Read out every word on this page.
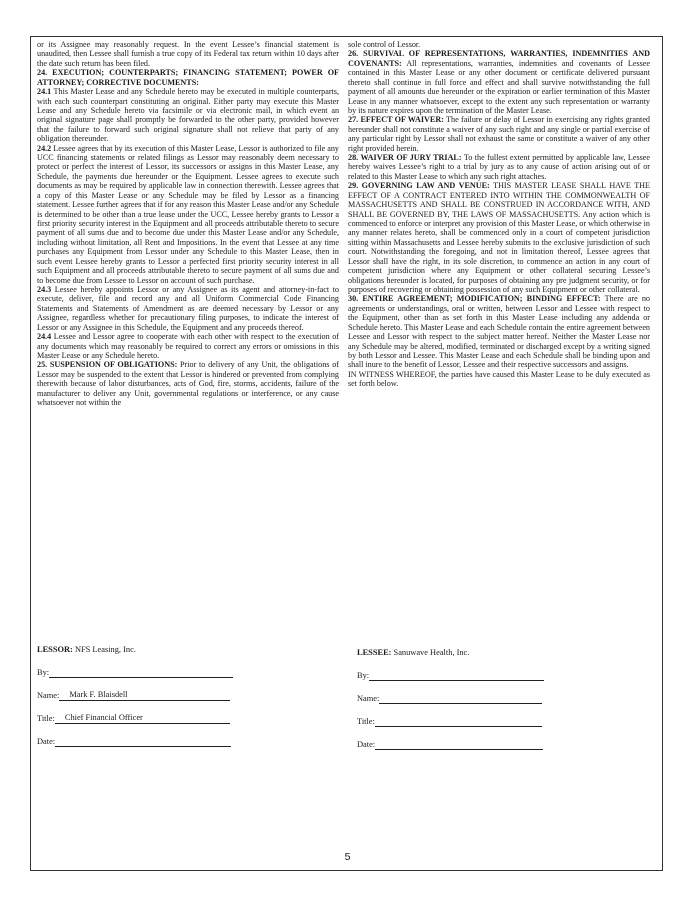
or its Assignee may reasonably request. In the event Lessee’s financial statement is unaudited, then Lessee shall furnish a true copy of its Federal tax return within 10 days after the date such return has been filed.

24. EXECUTION; COUNTERPARTS; FINANCING STATEMENT; POWER OF ATTORNEY; CORRECTIVE DOCUMENTS:

24.1 This Master Lease and any Schedule hereto may be executed in multiple counterparts, with each such counterpart constituting an original. Either party may execute this Master Lease and any Schedule hereto via facsimile or via electronic mail, in which event an original signature page shall promptly be forwarded to the other party, provided however that the failure to forward such original signature shall not relieve that party of any obligation thereunder.

24.2 Lessee agrees that by its execution of this Master Lease, Lessor is authorized to file any UCC financing statements or related filings as Lessor may reasonably deem necessary to protect or perfect the interest of Lessor, its successors or assigns in this Master Lease, any Schedule, the payments due hereunder or the Equipment. Lessee agrees to execute such documents as may be required by applicable law in connection therewith. Lessee agrees that a copy of this Master Lease or any Schedule may be filed by Lessor as a financing statement. Lessee further agrees that if for any reason this Master Lease and/or any Schedule is determined to be other than a true lease under the UCC, Lessee hereby grants to Lessor a first priority security interest in the Equipment and all proceeds attributable thereto to secure payment of all sums due and to become due under this Master Lease and/or any Schedule, including without limitation, all Rent and Impositions. In the event that Lessee at any time purchases any Equipment from Lessor under any Schedule to this Master Lease, then in such event Lessee hereby grants to Lessor a perfected first priority security interest in all such Equipment and all proceeds attributable thereto to secure payment of all sums due and to become due from Lessee to Lessor on account of such purchase.

24.3 Lessee hereby appoints Lessor or any Assignee as its agent and attorney-in-fact to execute, deliver, file and record any and all Uniform Commercial Code Financing Statements and Statements of Amendment as are deemed necessary by Lessor or any Assignee, regardless whether for precautionary filing purposes, to indicate the interest of Lessor or any Assignee in this Schedule, the Equipment and any proceeds thereof.

24.4 Lessee and Lessor agree to cooperate with each other with respect to the execution of any documents which may reasonably be required to correct any errors or omissions in this Master Lease or any Schedule hereto.

25. SUSPENSION OF OBLIGATIONS: Prior to delivery of any Unit, the obligations of Lessor may be suspended to the extent that Lessor is hindered or prevented from complying therewith because of labor disturbances, acts of God, fire, storms, accidents, failure of the manufacturer to deliver any Unit, governmental regulations or interference, or any cause whatsoever not within the

sole control of Lessor.

26. SURVIVAL OF REPRESENTATIONS, WARRANTIES, INDEMNITIES AND COVENANTS: All representations, warranties, indemnities and covenants of Lessee contained in this Master Lease or any other document or certificate delivered pursuant thereto shall continue in full force and effect and shall survive notwithstanding the full payment of all amounts due hereunder or the expiration or earlier termination of this Master Lease in any manner whatsoever, except to the extent any such representation or warranty by its nature expires upon the termination of the Master Lease.

27. EFFECT OF WAIVER: The failure or delay of Lessor in exercising any rights granted hereunder shall not constitute a waiver of any such right and any single or partial exercise of any particular right by Lessor shall not exhaust the same or constitute a waiver of any other right provided herein.

28. WAIVER OF JURY TRIAL: To the fullest extent permitted by applicable law, Lessee hereby waives Lessee’s right to a trial by jury as to any cause of action arising out of or related to this Master Lease to which any such right attaches.

29. GOVERNING LAW AND VENUE: THIS MASTER LEASE SHALL HAVE THE EFFECT OF A CONTRACT ENTERED INTO WITHIN THE COMMONWEALTH OF MASSACHUSETTS AND SHALL BE CONSTRUED IN ACCORDANCE WITH, AND SHALL BE GOVERNED BY, THE LAWS OF MASSACHUSETTS. Any action which is commenced to enforce or interpret any provision of this Master Lease, or which otherwise in any manner relates hereto, shall be commenced only in a court of competent jurisdiction sitting within Massachusetts and Lessee hereby submits to the exclusive jurisdiction of such court. Notwithstanding the foregoing, and not in limitation thereof, Lessee agrees that Lessor shall have the right, in its sole discretion, to commence an action in any court of competent jurisdiction where any Equipment or other collateral securing Lessee’s obligations hereunder is located, for purposes of obtaining any pre judgment security, or for purposes of recovering or obtaining possession of any such Equipment or other collateral.

30. ENTIRE AGREEMENT; MODIFICATION; BINDING EFFECT: There are no agreements or understandings, oral or written, between Lessor and Lessee with respect to the Equipment, other than as set forth in this Master Lease including any addenda or Schedule hereto. This Master Lease and each Schedule contain the entire agreement between Lessee and Lessor with respect to the subject matter hereof. Neither the Master Lease nor any Schedule may be altered, modified, terminated or discharged except by a writing signed by both Lessor and Lessee. This Master Lease and each Schedule shall be binding upon and shall inure to the benefit of Lessor, Lessee and their respective successors and assigns.

IN WITNESS WHEREOF, the parties have caused this Master Lease to be duly executed as set forth below.

LESSOR: NFS Leasing, Inc.
By:
Name: Mark F. Blaisdell
Title: Chief Financial Officer
Date:
LESSEE: Sanuwave Health, Inc.
By:
Name:
Title:
Date:
5
